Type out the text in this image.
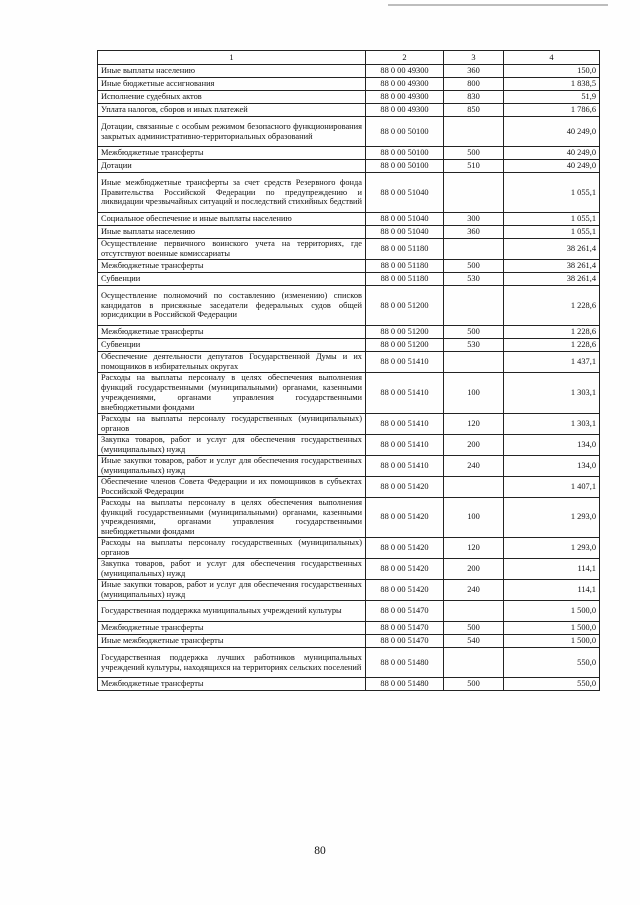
1	2	3	4
Иные выплаты населению	88 0 00 49300	360	150,0
Иные бюджетные ассигнования	88 0 00 49300	800	1 838,5
Исполнение судебных актов	88 0 00 49300	830	51,9
Уплата налогов, сборов и иных платежей	88 0 00 49300	850	1 786,6
Дотации, связанные с особым режимом безопасного функционирования закрытых административно-территориальных образований	88 0 00 50100		40 249,0
Межбюджетные трансферты	88 0 00 50100	500	40 249,0
Дотации	88 0 00 50100	510	40 249,0
Иные межбюджетные трансферты за счет средств Резервного фонда Правительства Российской Федерации по предупреждению и ликвидации чрезвычайных ситуаций и последствий стихийных бедствий	88 0 00 51040		1 055,1
Социальное обеспечение и иные выплаты населению	88 0 00 51040	300	1 055,1
Иные выплаты населению	88 0 00 51040	360	1 055,1
Осуществление первичного воинского учета на территориях, где отсутствуют военные комиссариаты	88 0 00 51180		38 261,4
Межбюджетные трансферты	88 0 00 51180	500	38 261,4
Субвенции	88 0 00 51180	530	38 261,4
Осуществление полномочий по составлению (изменению) списков кандидатов в присяжные заседатели федеральных судов общей юрисдикции в Российской Федерации	88 0 00 51200		1 228,6
Межбюджетные трансферты	88 0 00 51200	500	1 228,6
Субвенции	88 0 00 51200	530	1 228,6
Обеспечение деятельности депутатов Государственной Думы и их помощников в избирательных округах	88 0 00 51410		1 437,1
Расходы на выплаты персоналу в целях обеспечения выполнения функций государственными (муниципальными) органами, казенными учреждениями, органами управления государственными внебюджетными фондами	88 0 00 51410	100	1 303,1
Расходы на выплаты персоналу государственных (муниципальных) органов	88 0 00 51410	120	1 303,1
Закупка товаров, работ и услуг для обеспечения государственных (муниципальных) нужд	88 0 00 51410	200	134,0
Иные закупки товаров, работ и услуг для обеспечения государственных (муниципальных) нужд	88 0 00 51410	240	134,0
Обеспечение членов Совета Федерации и их помощников в субъектах Российской Федерации	88 0 00 51420		1 407,1
Расходы на выплаты персоналу в целях обеспечения выполнения функций государственными (муниципальными) органами, казенными учреждениями, органами управления государственными внебюджетными фондами	88 0 00 51420	100	1 293,0
Расходы на выплаты персоналу государственных (муниципальных) органов	88 0 00 51420	120	1 293,0
Закупка товаров, работ и услуг для обеспечения государственных (муниципальных) нужд	88 0 00 51420	200	114,1
Иные закупки товаров, работ и услуг для обеспечения государственных (муниципальных) нужд	88 0 00 51420	240	114,1
Государственная поддержка муниципальных учреждений культуры	88 0 00 51470		1 500,0
Межбюджетные трансферты	88 0 00 51470	500	1 500,0
Иные межбюджетные трансферты	88 0 00 51470	540	1 500,0
Государственная поддержка лучших работников муниципальных учреждений культуры, находящихся на территориях сельских поселений	88 0 00 51480		550,0
Межбюджетные трансферты	88 0 00 51480	500	550,0
80
